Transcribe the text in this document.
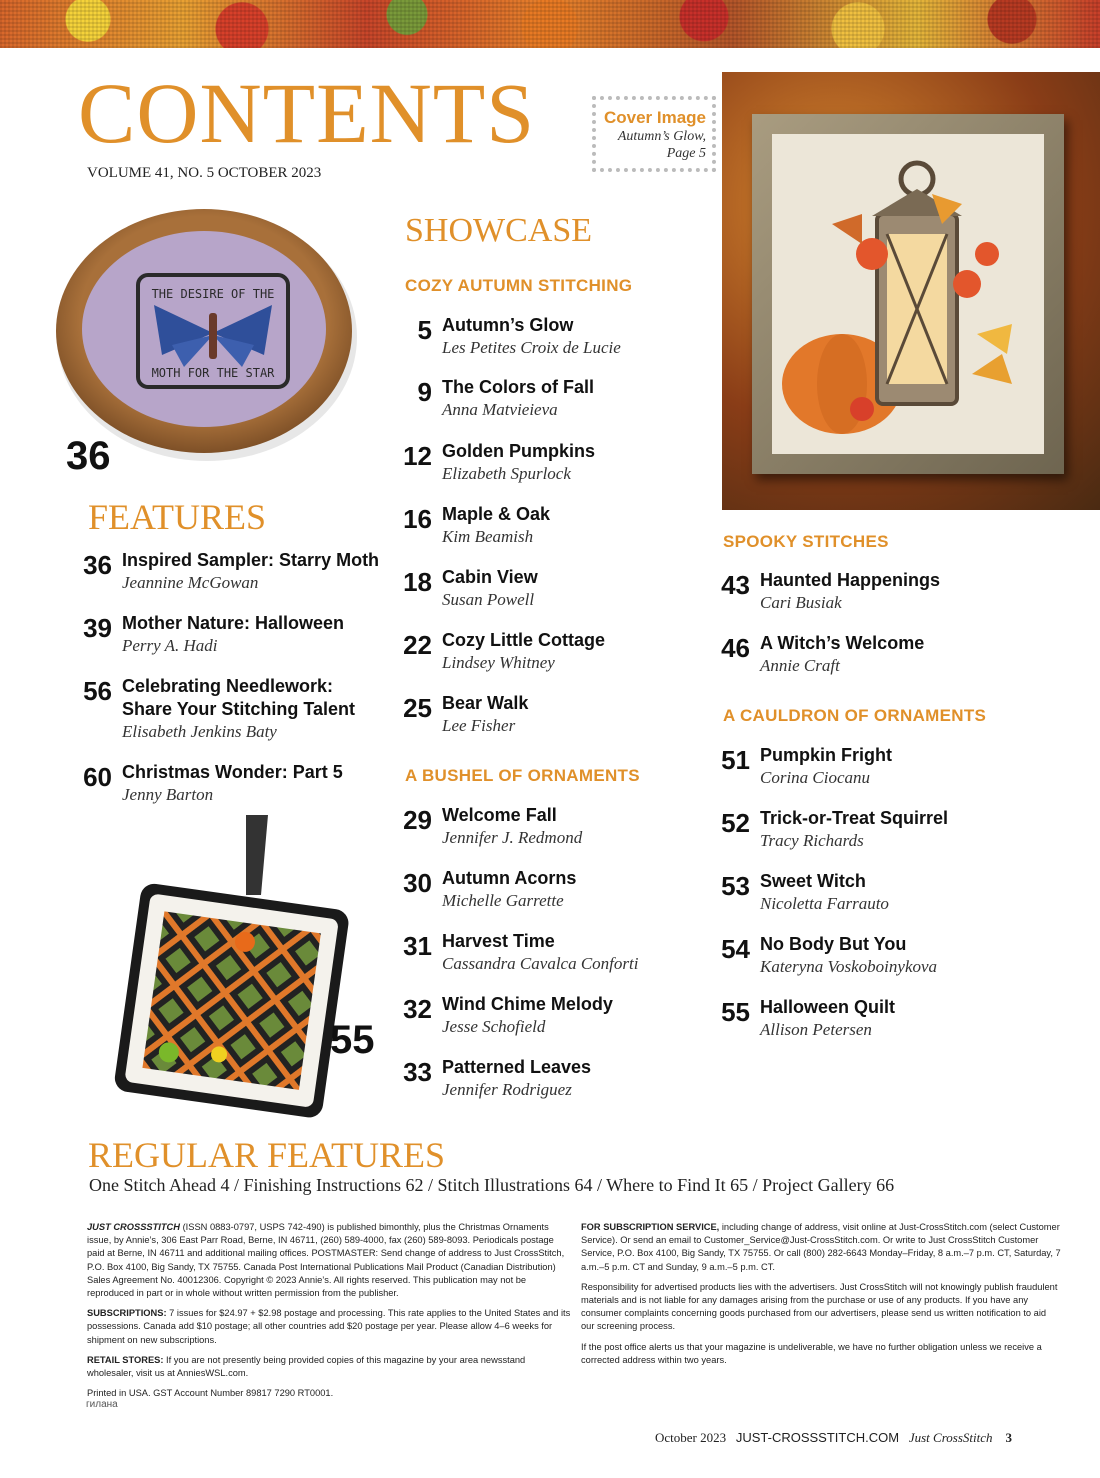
CONTENTS
VOLUME 41, NO. 5 OCTOBER 2023
Cover Image
Autumn’s Glow,
Page 5
THE DESIRE OF THE
MOTH FOR THE STAR
36
FEATURES
36 Inspired Sampler: Starry Moth
Jeannine McGowan
39 Mother Nature: Halloween
Perry A. Hadi
56 Celebrating Needlework:
Share Your Stitching Talent
Elisabeth Jenkins Baty
60 Christmas Wonder: Part 5
Jenny Barton
55
SHOWCASE
COZY AUTUMN STITCHING
5 Autumn’s Glow
Les Petites Croix de Lucie
9 The Colors of Fall
Anna Matvieieva
12 Golden Pumpkins
Elizabeth Spurlock
16 Maple & Oak
Kim Beamish
18 Cabin View
Susan Powell
22 Cozy Little Cottage
Lindsey Whitney
25 Bear Walk
Lee Fisher
A BUSHEL OF ORNAMENTS
29 Welcome Fall
Jennifer J. Redmond
30 Autumn Acorns
Michelle Garrette
31 Harvest Time
Cassandra Cavalca Conforti
32 Wind Chime Melody
Jesse Schofield
33 Patterned Leaves
Jennifer Rodriguez
SPOOKY STITCHES
43 Haunted Happenings
Cari Busiak
46 A Witch’s Welcome
Annie Craft
A CAULDRON OF ORNAMENTS
51 Pumpkin Fright
Corina Ciocanu
52 Trick-or-Treat Squirrel
Tracy Richards
53 Sweet Witch
Nicoletta Farrauto
54 No Body But You
Kateryna Voskoboinykova
55 Halloween Quilt
Allison Petersen
REGULAR FEATURES
One Stitch Ahead 4 / Finishing Instructions 62 / Stitch Illustrations 64 / Where to Find It 65 / Project Gallery 66

JUST CROSSSTITCH (ISSN 0883-0797, USPS 742-490) is published bimonthly, plus the Christmas Ornaments issue, by Annie’s, 306 East Parr Road, Berne, IN 46711, (260) 589-4000, fax (260) 589-8093. Periodicals postage paid at Berne, IN 46711 and additional mailing offices. POSTMASTER: Send change of address to Just CrossStitch, P.O. Box 4100, Big Sandy, TX 75755. Canada Post International Publications Mail Product (Canadian Distribution) Sales Agreement No. 40012306. Copyright © 2023 Annie’s. All rights reserved. This publication may not be reproduced in part or in whole without written permission from the publisher.

SUBSCRIPTIONS: 7 issues for $24.97 + $2.98 postage and processing. This rate applies to the United States and its possessions. Canada add $10 postage; all other countries add $20 postage per year. Please allow 4–6 weeks for shipment on new subscriptions.

RETAIL STORES: If you are not presently being provided copies of this magazine by your area newsstand wholesaler, visit us at AnniesWSL.com.

Printed in USA. GST Account Number 89817 7290 RT0001.

FOR SUBSCRIPTION SERVICE, including change of address, visit online at Just-CrossStitch.com (select Customer Service). Or send an email to Customer_Service@Just-CrossStitch.com. Or write to Just CrossStitch Customer Service, P.O. Box 4100, Big Sandy, TX 75755. Or call (800) 282-6643 Monday–Friday, 8 a.m.–7 p.m. CT, Saturday, 7 a.m.–5 p.m. CT and Sunday, 9 a.m.–5 p.m. CT.

Responsibility for advertised products lies with the advertisers. Just CrossStitch will not knowingly publish fraudulent materials and is not liable for any damages arising from the purchase or use of any products. If you have any consumer complaints concerning goods purchased from our advertisers, please send us written notification to aid our screening process.

If the post office alerts us that your magazine is undeliverable, we have no further obligation unless we receive a corrected address within two years.

гилана
October 2023 JUST-CROSSSTITCH.COM Just CrossStitch 3
